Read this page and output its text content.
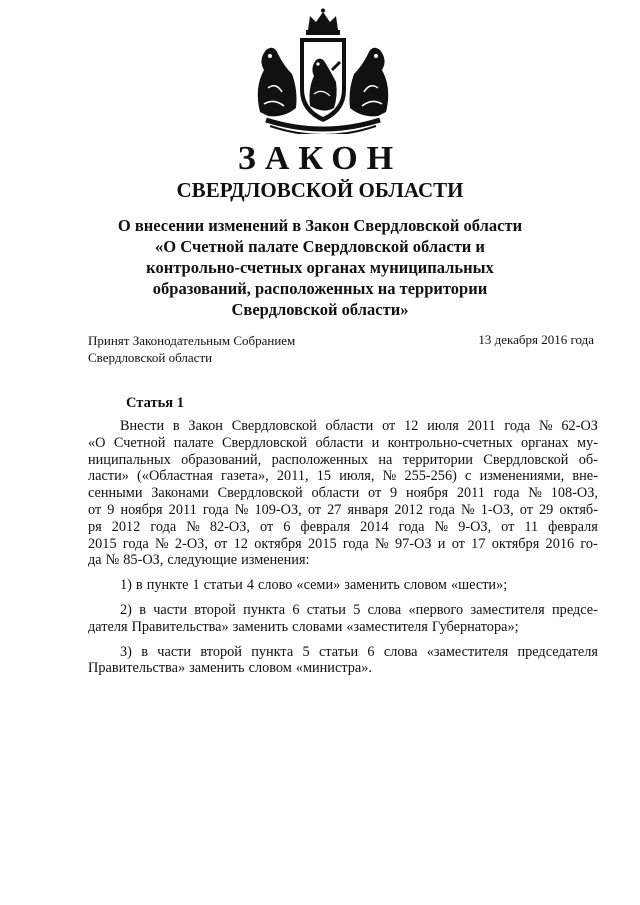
ЗАКОН
СВЕРДЛОВСКОЙ ОБЛАСТИ
О внесении изменений в Закон Свердловской области
«О Счетной палате Свердловской области и
контрольно-счетных органах муниципальных
образований, расположенных на территории
Свердловской области»
Принят Законодательным Собранием
Свердловской области
13 декабря 2016 года
Статья 1
Внести в Закон Свердловской области от 12 июля 2011 года № 62-ОЗ
«О Счетной палате Свердловской области и контрольно-счетных органах му-
ниципальных образований, расположенных на территории Свердловской об-
ласти» («Областная газета», 2011, 15 июля, № 255-256) с изменениями, вне-
сенными Законами Свердловской области от 9 ноября 2011 года № 108-ОЗ,
от 9 ноября 2011 года № 109-ОЗ, от 27 января 2012 года № 1-ОЗ, от 29 октяб-
ря 2012 года № 82-ОЗ, от 6 февраля 2014 года № 9-ОЗ, от 11 февраля
2015 года № 2-ОЗ, от 12 октября 2015 года № 97-ОЗ и от 17 октября 2016 го-
да № 85-ОЗ, следующие изменения:
1) в пункте 1 статьи 4 слово «семи» заменить словом «шести»;
2) в части второй пункта 6 статьи 5 слова «первого заместителя предсе-
дателя Правительства» заменить словами «заместителя Губернатора»;
3) в части второй пункта 5 статьи 6 слова «заместителя председателя
Правительства» заменить словом «министра».
